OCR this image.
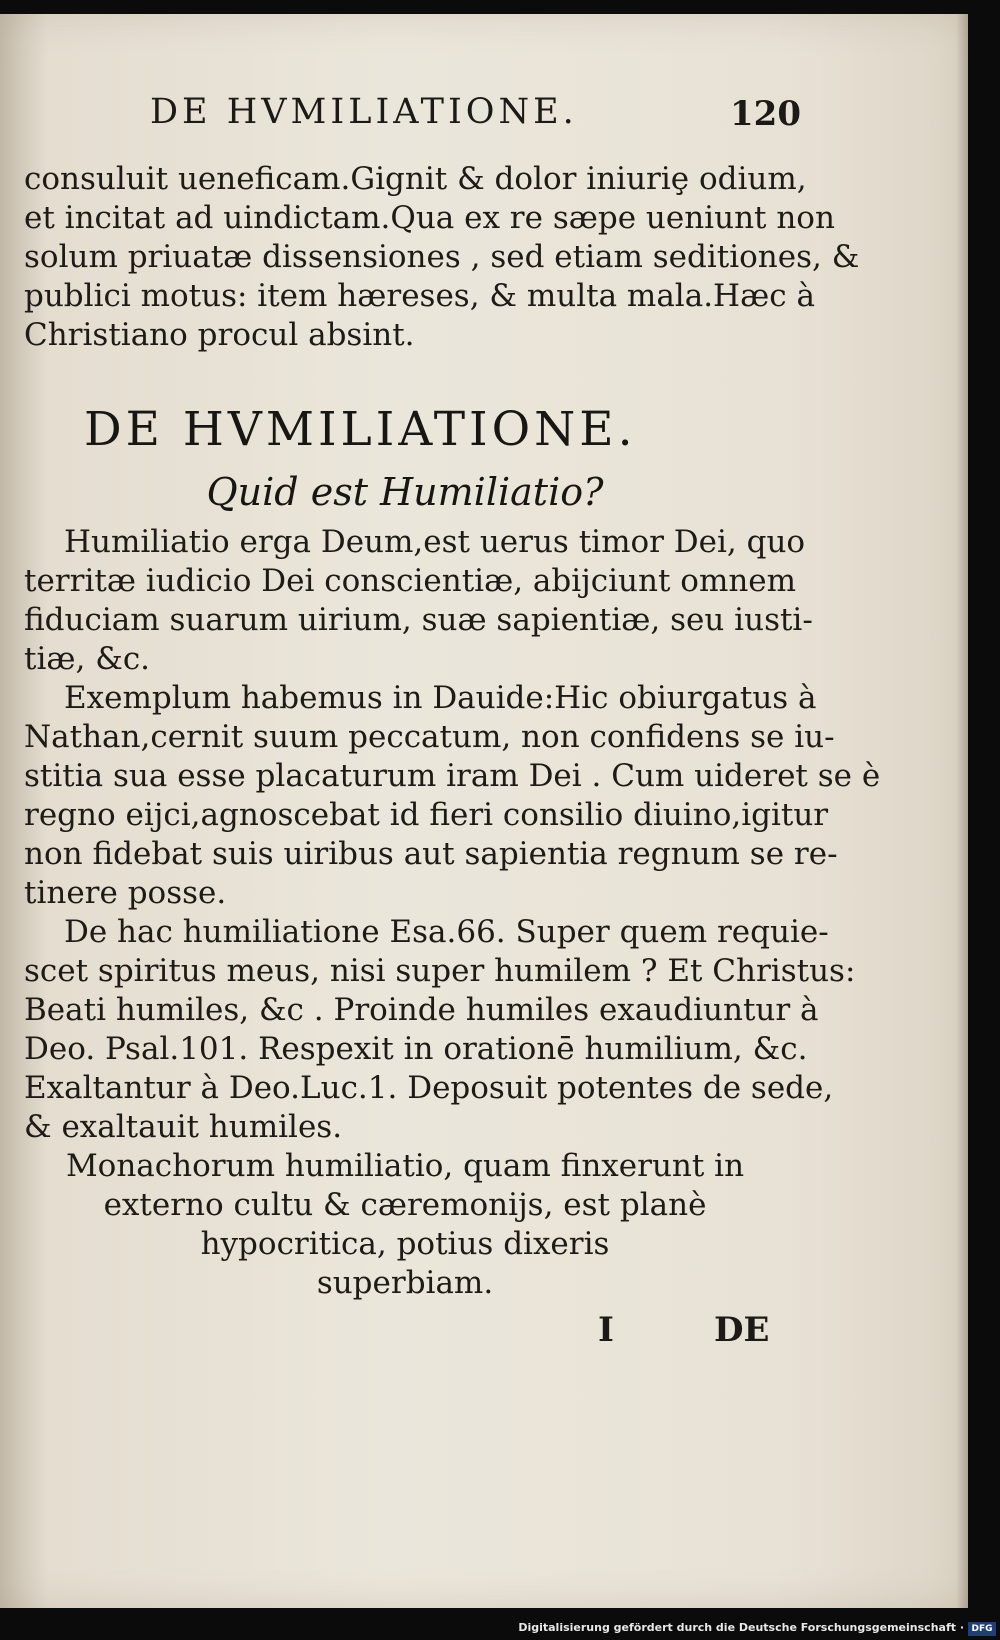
DE HVMILIATIONE.	120
consuluit ueneficam.Gignit & dolor iniuriȩ odium,
et incitat ad uindictam.Qua ex re sæpe ueniunt non
solum priuatæ dissensiones , sed etiam seditiones, &
publici motus: item hæreses, & multa mala.Hæc à
Christiano procul absint.
DE HVMILIATIONE.
Quid est Humiliatio?
Humiliatio erga Deum,est uerus timor Dei, quo
territæ iudicio Dei conscientiæ, abijciunt omnem
fiduciam suarum uirium, suæ sapientiæ, seu iusti-
tiæ, &c.
Exemplum habemus in Dauide:Hic obiurgatus à
Nathan,cernit suum peccatum, non confidens se iu-
stitia sua esse placaturum iram Dei . Cum uideret se è
regno eijci,agnoscebat id fieri consilio diuino,igitur
non fidebat suis uiribus aut sapientia regnum se re-
tinere posse.
De hac humiliatione Esa.66. Super quem requie-
scet spiritus meus, nisi super humilem ? Et Christus:
Beati humiles, &c . Proinde humiles exaudiuntur à
Deo. Psal.101. Respexit in orationē humilium, &c.
Exaltantur à Deo.Luc.1. Deposuit potentes de sede,
& exaltauit humiles.
Monachorum humiliatio, quam finxerunt in
externo cultu & cæremonijs, est planè
hypocritica, potius dixeris
superbiam.
I	DE
Digitalisierung gefördert durch die Deutsche Forschungsgemeinschaft · DFG
